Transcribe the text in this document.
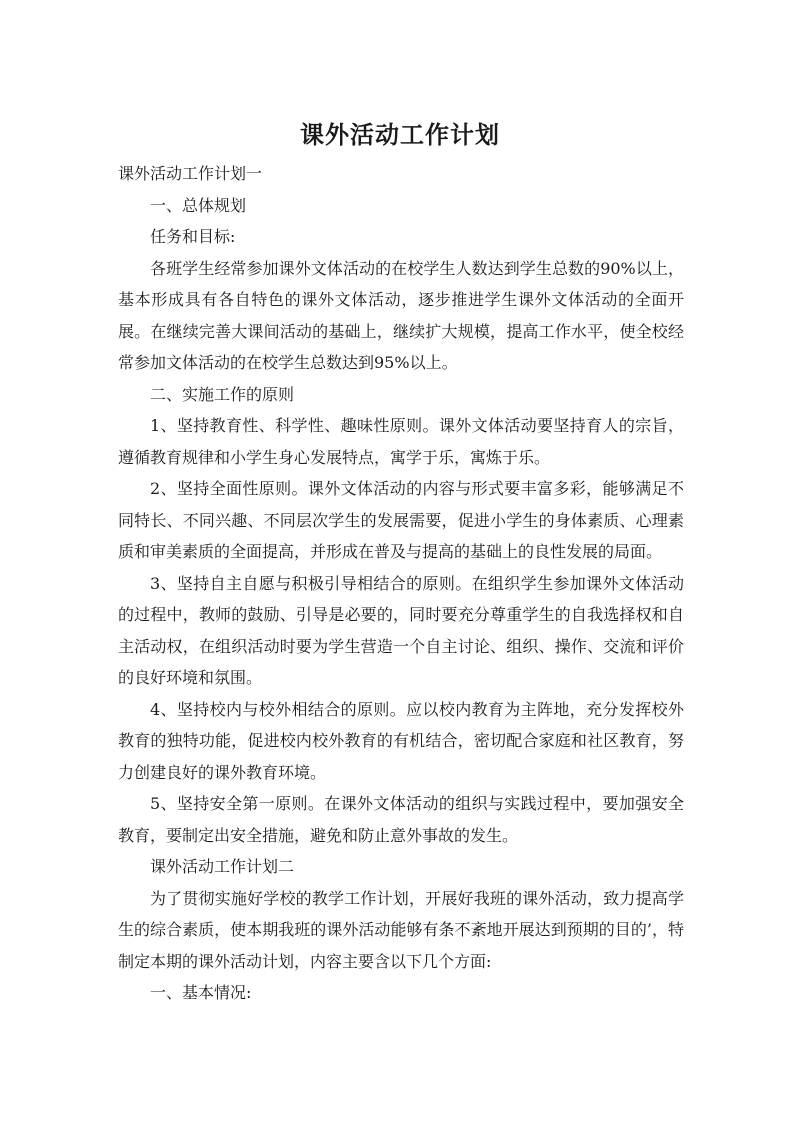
课外活动工作计划

课外活动工作计划一

一、总体规划

任务和目标:

各班学生经常参加课外文体活动的在校学生人数达到学生总数的90%以上，基本形成具有各自特色的课外文体活动，逐步推进学生课外文体活动的全面开展。在继续完善大课间活动的基础上，继续扩大规模，提高工作水平，使全校经常参加文体活动的在校学生总数达到95%以上。

二、实施工作的原则

1、坚持教育性、科学性、趣味性原则。课外文体活动要坚持育人的宗旨，遵循教育规律和小学生身心发展特点，寓学于乐，寓炼于乐。

2、坚持全面性原则。课外文体活动的内容与形式要丰富多彩，能够满足不同特长、不同兴趣、不同层次学生的发展需要，促进小学生的身体素质、心理素质和审美素质的全面提高，并形成在普及与提高的基础上的良性发展的局面。

3、坚持自主自愿与积极引导相结合的原则。在组织学生参加课外文体活动的过程中，教师的鼓励、引导是必要的，同时要充分尊重学生的自我选择权和自主活动权，在组织活动时要为学生营造一个自主讨论、组织、操作、交流和评价的良好环境和氛围。

4、坚持校内与校外相结合的原则。应以校内教育为主阵地，充分发挥校外教育的独特功能，促进校内校外教育的有机结合，密切配合家庭和社区教育，努力创建良好的课外教育环境。

5、坚持安全第一原则。在课外文体活动的组织与实践过程中，要加强安全教育，要制定出安全措施，避免和防止意外事故的发生。

课外活动工作计划二

为了贯彻实施好学校的教学工作计划，开展好我班的课外活动，致力提高学生的综合素质，使本期我班的课外活动能够有条不紊地开展达到预期的目的’，特制定本期的课外活动计划，内容主要含以下几个方面:

一、基本情况:
